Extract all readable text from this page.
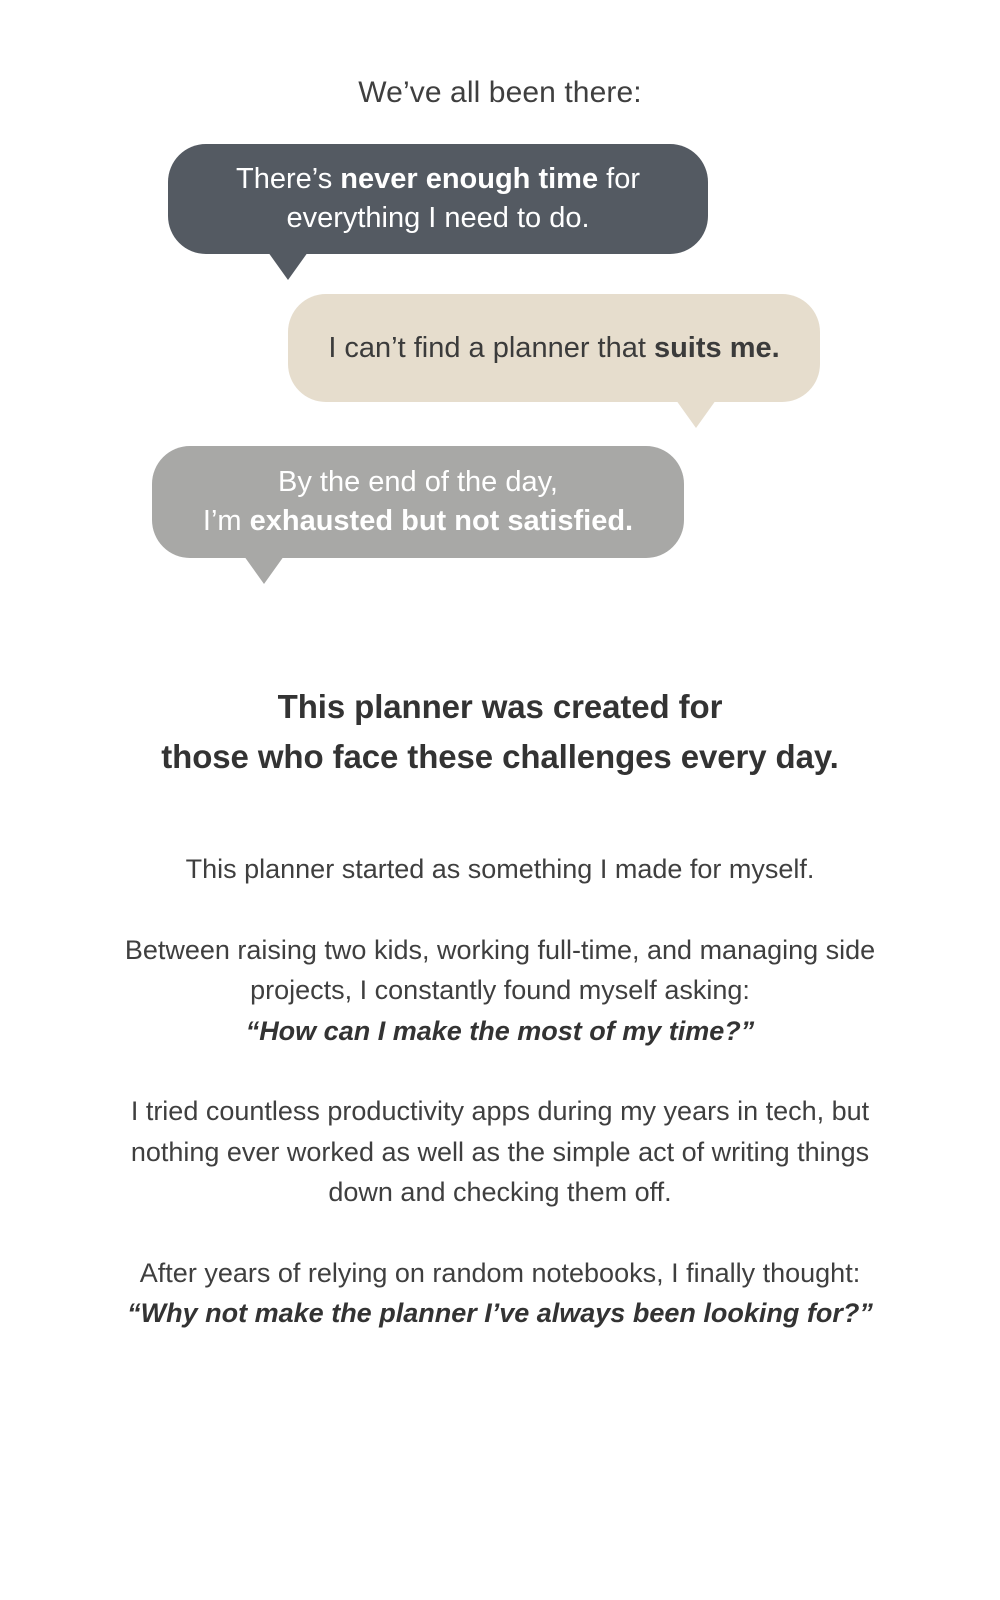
We’ve all been there:
There’s never enough time for
everything I need to do.
I can’t find a planner that suits me.
By the end of the day,
I’m exhausted but not satisfied.
This planner was created for
those who face these challenges every day.

This planner started as something I made for myself.

Between raising two kids, working full-time, and managing side
projects, I constantly found myself asking:

“How can I make the most of my time?”

I tried countless productivity apps during my years in tech, but
nothing ever worked as well as the simple act of writing things
down and checking them off.

After years of relying on random notebooks, I finally thought:

“Why not make the planner I’ve always been looking for?”
